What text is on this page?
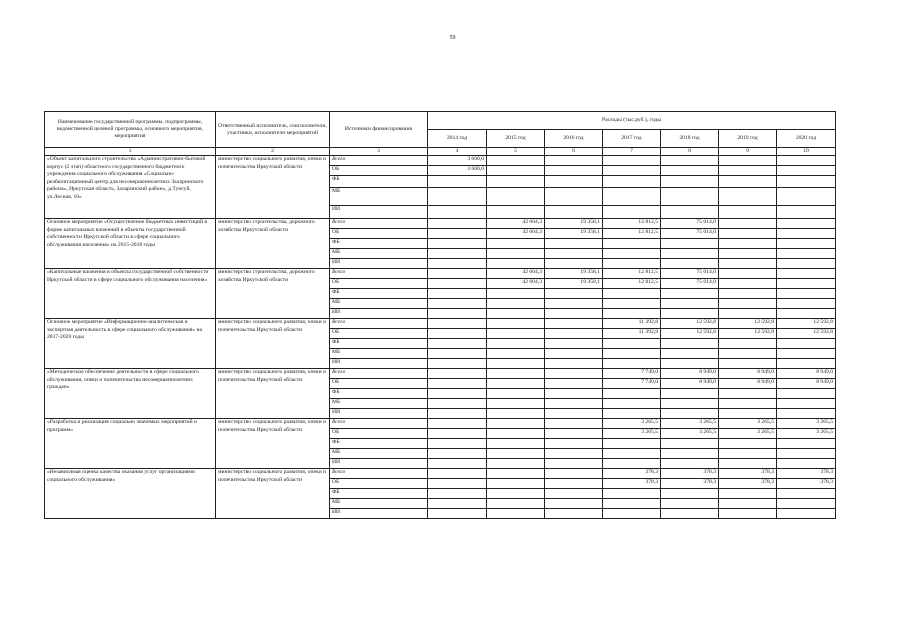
59
Наименование государственной программы, подпрограммы, ведомственной целевой программы, основного мероприятия, мероприятия	Ответственный исполнитель, соисполнители, участники, исполнители мероприятий	Источники финансирования	Расходы (тыс.руб.), годы						
			2014 год	2015 год	2016 год	2017 год	2018 год	2019 год	2020 год
1	2	3	4	5	6	7	8	9	10
«Объект капитального строительства «Административно-бытовой корпус (2 этап) областного государственного бюджетного учреждения социального обслуживания «Социально-реабилитационный центр для несовершеннолетних Заларинского района», Иркутская область, Заларинский район», д.Тунгуй, ул.Лесная, 10»	министерство социального развития, опеки и попечительства Иркутской области	Всего	3 600,0						
		ОБ	3 600,0						
		ФБ							
		МБ							
		ИИ							
Основное мероприятие «Осуществление бюджетных инвестиций в форме капитальных вложений в объекты государственной собственности Иркутской области в сфере социального обслуживания населения» на 2015-2018 годы	министерство строительства, дорожного хозяйства Иркутской области	Всего		42 604,3	19 358,1	12 812,5	75 014,0		
		ОБ		42 604,3	19 358,1	12 812,5	75 014,0		
		ФБ							
		МБ							
		ИИ							
«Капитальные вложения в объекты государственной собственности Иркутской области в сфере социального обслуживания населения»	министерство строительства, дорожного хозяйства Иркутской области	Всего		42 604,3	19 358,1	12 812,5	75 014,0		
		ОБ		42 604,3	19 358,1	12 812,5	75 014,0		
		ФБ							
		МБ							
		ИИ							
Основное мероприятие «Информационно-аналитическая и экспертная деятельность в сфере социального обслуживания» на 2017-2020 годы	министерство социального развития, опеки и попечительства Иркутской области	Всего				11 392,8	12 592,8	12 592,8	12 592,8
		ОБ				11 392,8	12 592,8	12 592,8	12 592,8
		ФБ							
		МБ							
		ИИ							
«Методическое обеспечение деятельности в сфере социального обслуживания, опеки и попечительства несовершеннолетних граждан»	министерство социального развития, опеки и попечительства Иркутской области	Всего				7 749,0	8 949,0	8 949,0	8 949,0
		ОБ				7 749,0	8 949,0	8 949,0	8 949,0
		ФБ							
		МБ							
		ИИ							
«Разработка и реализация социально значимых мероприятий и программ»	министерство социального развития, опеки и попечительства Иркутской области	Всего				3 265,5	3 265,5	3 265,5	3 265,5
		ОБ				3 265,5	3 265,5	3 265,5	3 265,5
		ФБ							
		МБ							
		ИИ							
«Независимая оценка качества оказания услуг организациями социального обслуживания»	министерство социального развития, опеки и попечительства Иркутской области	Всего				378,3	378,3	378,3	378,3
		ОБ				378,3	378,3	378,3	378,3
		ФБ							
		МБ							
		ИИ							
